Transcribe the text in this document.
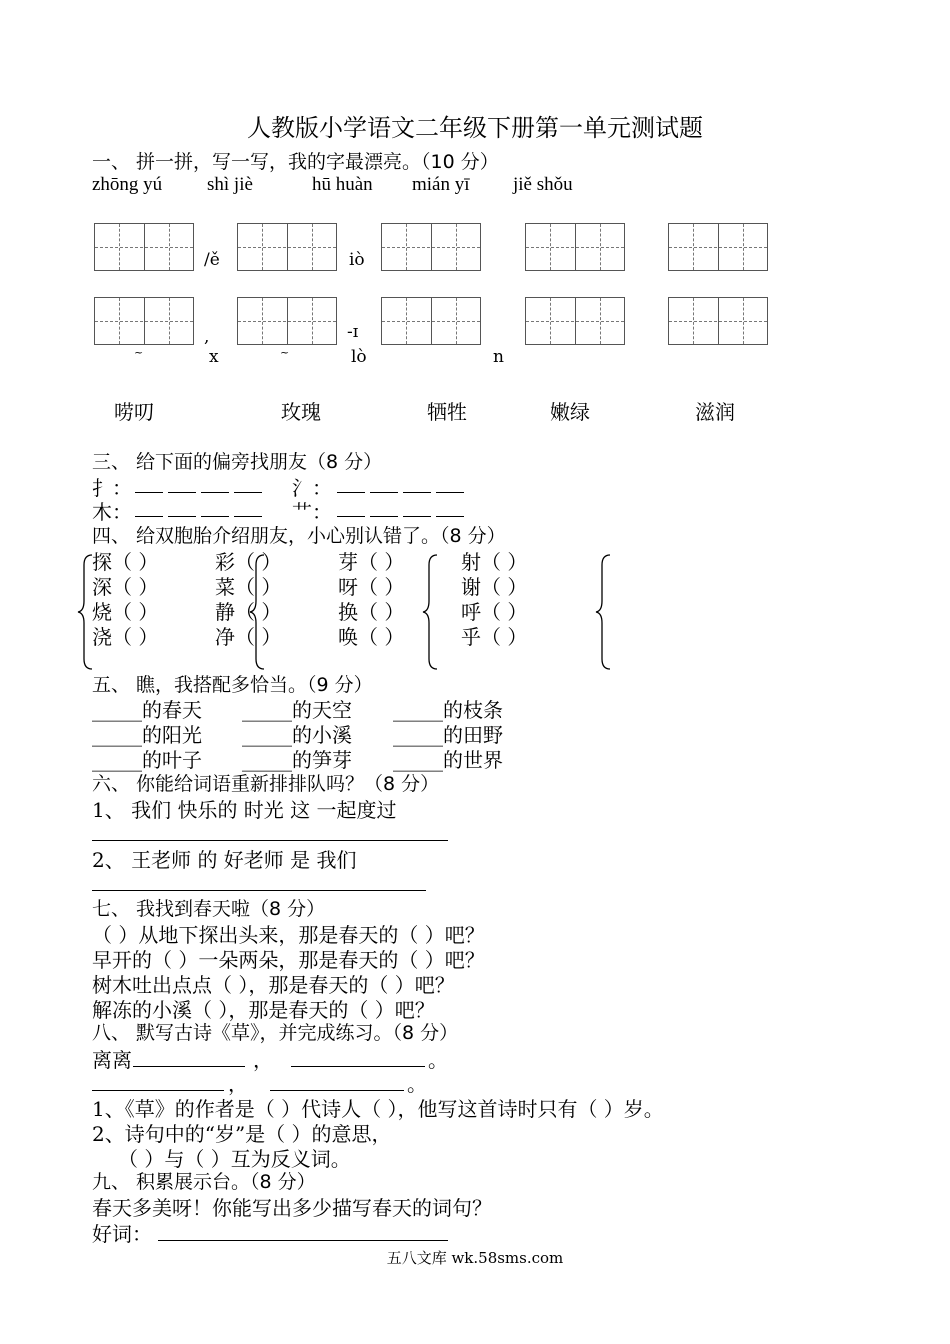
人教版小学语文二年级下册第一单元测试题
一、 拼一拼，写一写，我的字最漂亮。（10 分）
zhōng yú shì jiè	hū huàn mián yī jiě shǒu
/ě	iò
,	-ɪ
~	x	~	lò	n
唠叨	玫瑰	牺牲	嫩绿	滋润
三、 给下面的偏旁找朋友（8 分）
扌：	氵：
木：	艹：
四、 给双胞胎介绍朋友，小心别认错了。（8 分）
探（ ）	彩（ ）	芽（ ）	射（ ）
深（ ）	菜（ ）	呀（ ）	谢（ ）
烧（ ）	静（ ）	换（ ）	呼（ ）
浇（ ）	净（ ）	唤（ ）	乎（ ）
五、 瞧，我搭配多恰当。（9 分）
_____的春天 _____的天空 _____的枝条
_____的阳光 _____的小溪 _____的田野
_____的叶子 _____的笋芽 _____的世界
六、 你能给词语重新排排队吗？（8 分）
1、 我们 快乐的 时光 这 一起度过
2、 王老师 的 好老师 是 我们
七、 我找到春天啦（8 分）
（ ）从地下探出头来，那是春天的（ ）吧？
早开的（ ）一朵两朵，那是春天的（ ）吧？
树木吐出点点（ ），那是春天的（ ）吧？
解冻的小溪（ ），那是春天的（ ）吧？
八、 默写古诗《草》，并完成练习。（8 分）
离离	，	。
，	。
1、《草》的作者是（ ）代诗人（ ），他写这首诗时只有（ ）岁。
2、诗句中的“岁”是（ ）的意思，
（ ）与（ ）互为反义词。
九、 积累展示台。（8 分）
春天多美呀！你能写出多少描写春天的词句？
好词：
五八文库 wk.58sms.com
